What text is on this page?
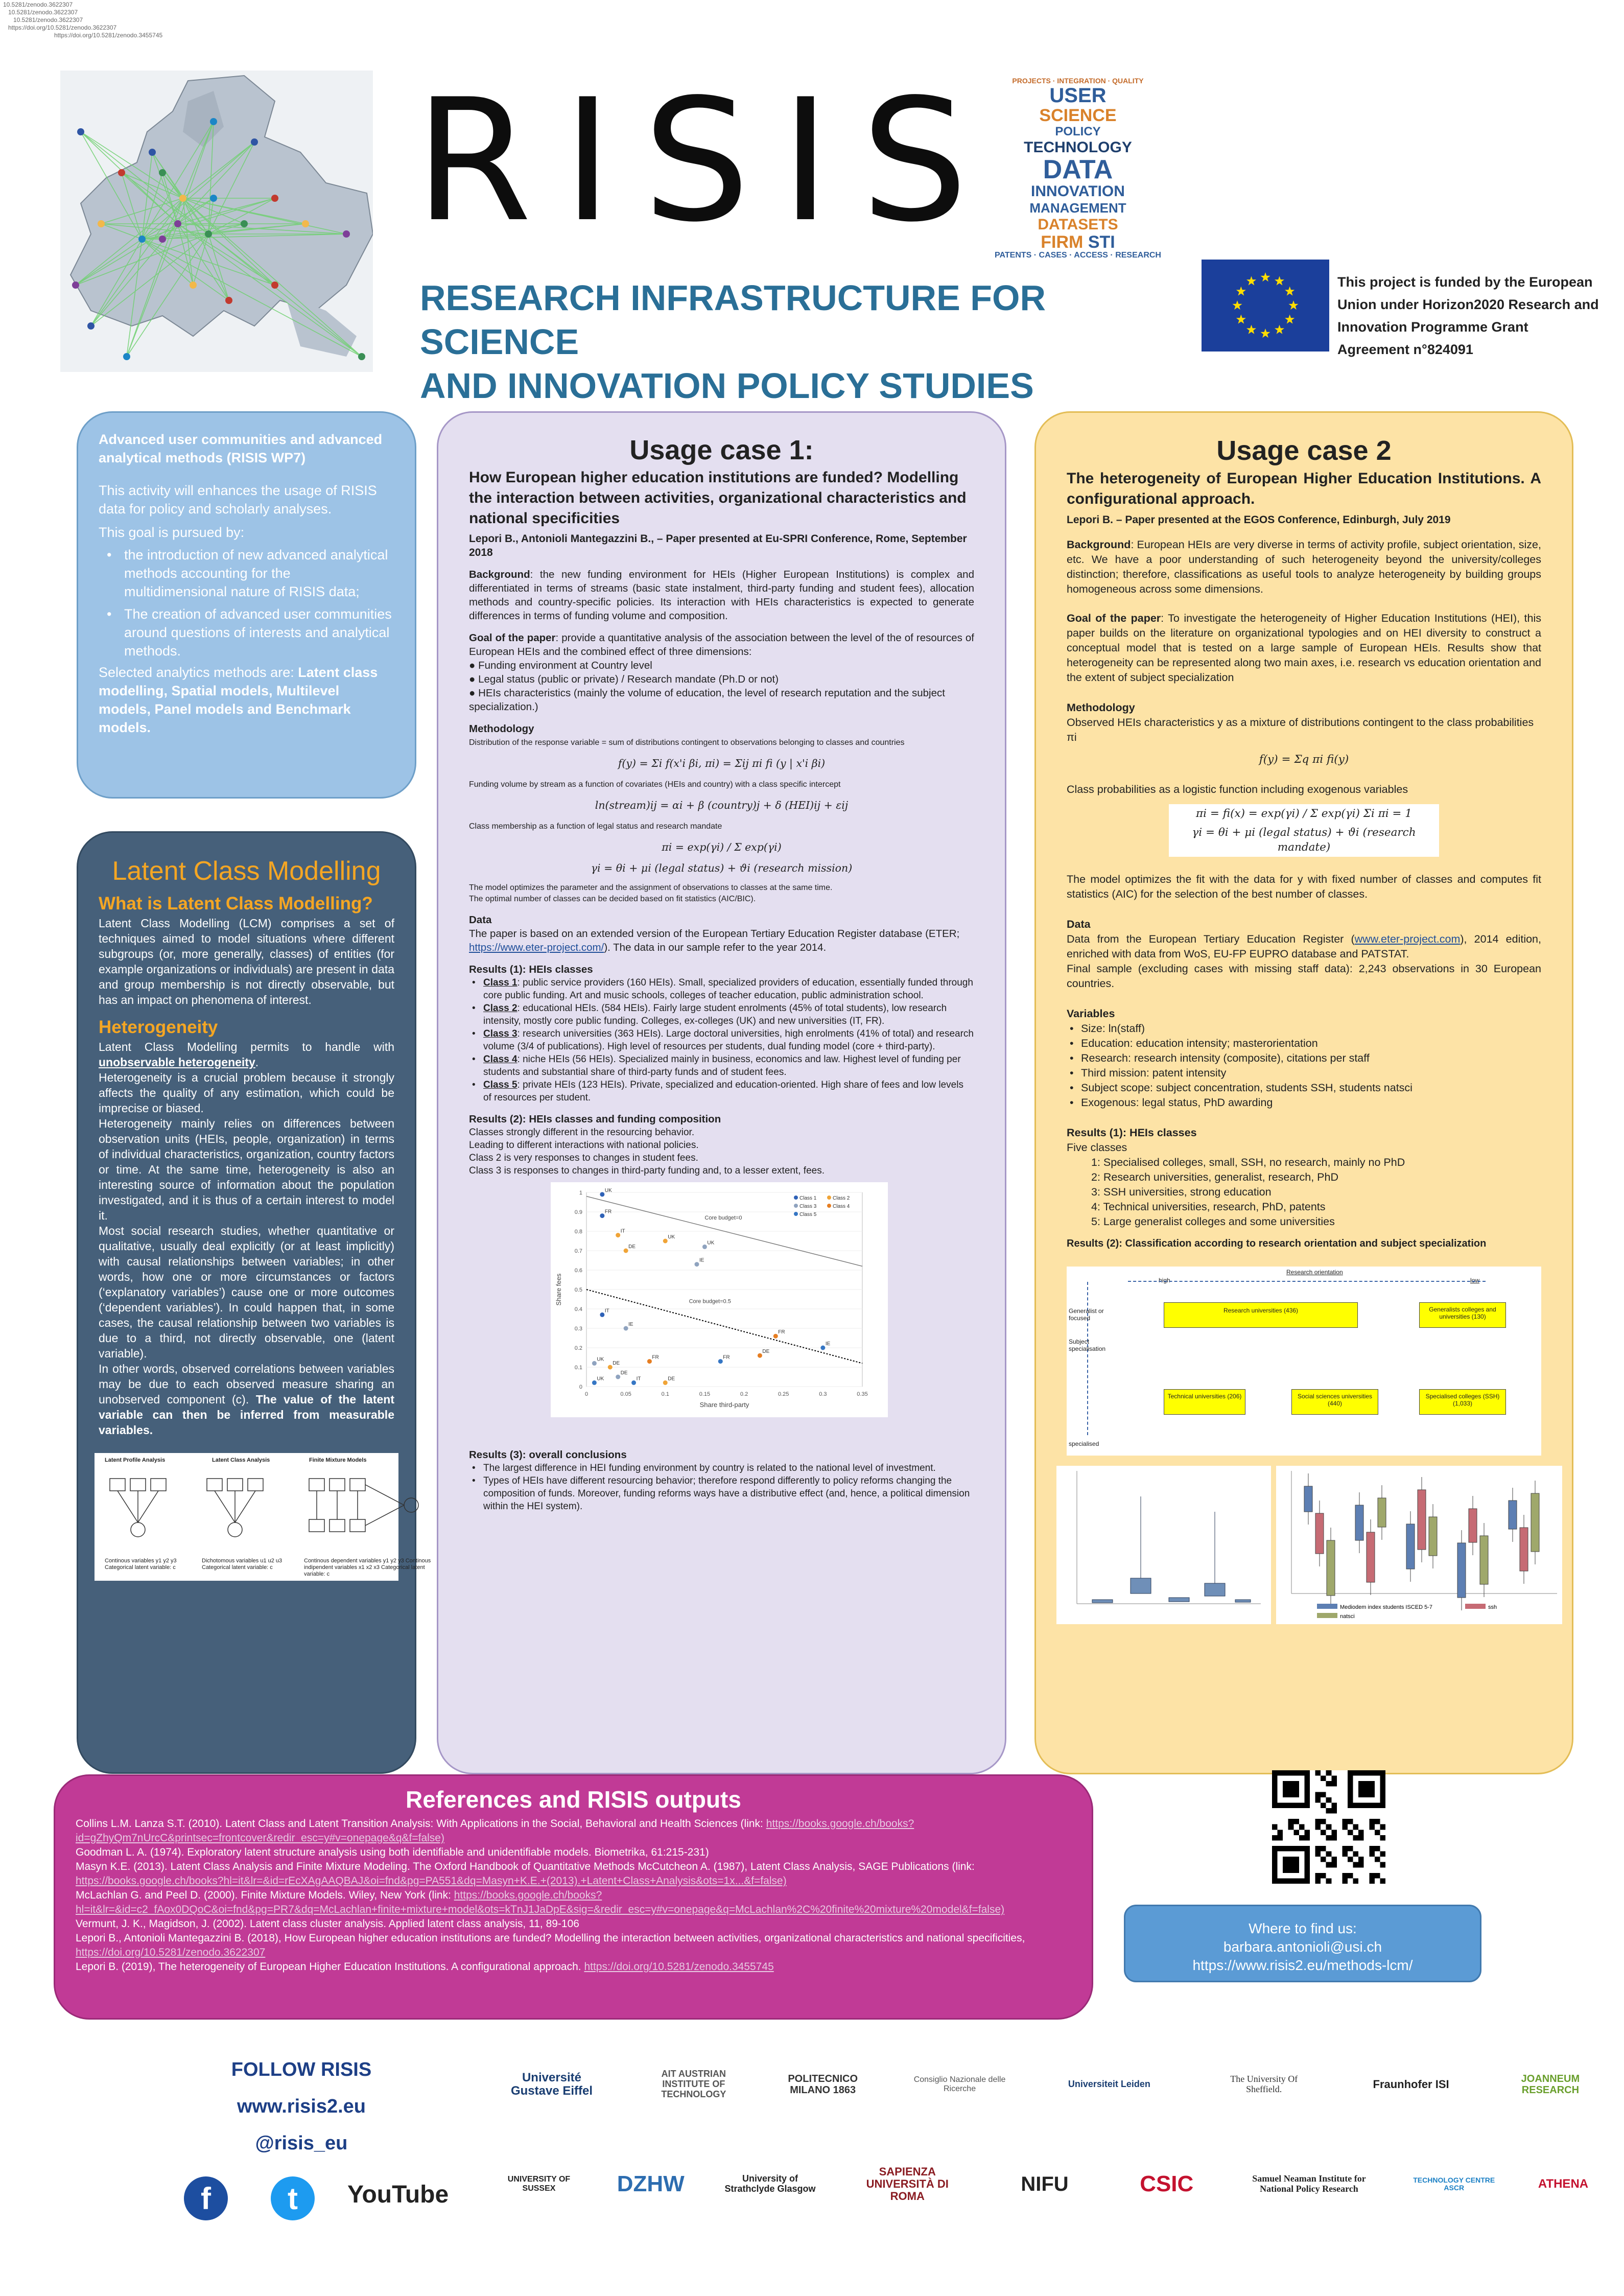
10.5281/zenodo.3622307
10.5281/zenodo.3622307
10.5281/zenodo.3622307
https://doi.org/10.5281/zenodo.3622307
https://doi.org/10.5281/zenodo.3455745
RISIS
RESEARCH INFRASTRUCTURE FOR SCIENCE
AND INNOVATION POLICY STUDIES
PROJECTS · INTEGRATION · QUALITY
USER
SCIENCE
POLICY
TECHNOLOGY
DATA
INNOVATION
MANAGEMENT
DATASETS
FIRM STI
PATENTS · CASES · ACCESS · RESEARCH
This project is funded by the European Union under Horizon2020 Research and Innovation Programme Grant Agreement n°824091
Advanced user communities and advanced analytical methods (RISIS WP7)
This activity will enhances the usage of RISIS data for policy and scholarly analyses.
This goal is pursued by:
• the introduction of new advanced analytical methods accounting for the multidimensional nature of RISIS data;
• The creation of advanced user communities around questions of interests and analytical methods.
Selected analytics methods are: Latent class modelling, Spatial models, Multilevel models, Panel models and Benchmark models.
Latent Class Modelling
What is Latent Class Modelling?
Latent Class Modelling (LCM) comprises a set of techniques aimed to model situations where different subgroups (or, more generally, classes) of entities (for example organizations or individuals) are present in data and group membership is not directly observable, but has an impact on phenomena of interest.
Heterogeneity
Latent Class Modelling permits to handle with unobservable heterogeneity.
Heterogeneity is a crucial problem because it strongly affects the quality of any estimation, which could be imprecise or biased.
Heterogeneity mainly relies on differences between observation units (HEIs, people, organization) in terms of individual characteristics, organization, country factors or time. At the same time, heterogeneity is also an interesting source of information about the population investigated, and it is thus of a certain interest to model it.
Most social research studies, whether quantitative or qualitative, usually deal explicitly (or at least implicitly) with causal relationships between variables; in other words, how one or more circumstances or factors (‘explanatory variables’) cause one or more outcomes (‘dependent variables’). In could happen that, in some cases, the causal relationship between two variables is due to a third, not directly observable, one (latent variable).
In other words, observed correlations between variables may be due to each observed measure sharing an unobserved component (c). The value of the latent variable can then be inferred from measurable variables.
Latent Profile Analysis	Latent Class Analysis	Finite Mixture Models
Continous variables y1 y2 y3 Categorical latent variable: c
Dichotomous variables u1 u2 u3 Categorical latent variable: c
Continous dependent variables y1 y2 y3 Continous indipendent variables x1 x2 x3 Categorical latent variable: c
Usage case 1:
How European higher education institutions are funded? Modelling the interaction between activities, organizational characteristics and national specificities
Lepori B., Antonioli Mantegazzini B., – Paper presented at Eu-SPRI Conference, Rome, September 2018
Background: the new funding environment for HEIs (Higher European Institutions) is complex and differentiated in terms of streams (basic state instalment, third-party funding and student fees), allocation methods and country-specific policies. Its interaction with HEIs characteristics is expected to generate differences in terms of funding volume and composition.
Goal of the paper: provide a quantitative analysis of the association between the level of the of resources of European HEIs and the combined effect of three dimensions:
● Funding environment at Country level
● Legal status (public or private) / Research mandate (Ph.D or not)
● HEIs characteristics (mainly the volume of education, the level of research reputation and the subject specialization.)
Methodology
Distribution of the response variable = sum of distributions contingent to observations belonging to classes and countries
f(y) = Σi f(x'i βi, πi) = Σij πi fi (y | x'i βi)
Funding volume by stream as a function of covariates (HEIs and country) with a class specific intercept
ln(stream)ij = αi + β (country)j + δ (HEI)ij + εij
Class membership as a function of legal status and research mandate
πi = exp(γi) / Σ exp(γi)
γi = θi + μi (legal status) + ϑi (research mission)
The model optimizes the parameter and the assignment of observations to classes at the same time.
The optimal number of classes can be decided based on fit statistics (AIC/BIC).
Data
The paper is based on an extended version of the European Tertiary Education Register database (ETER; https://www.eter-project.com/). The data in our sample refer to the year 2014.
Results (1): HEIs classes
• Class 1: public service providers (160 HEIs). Small, specialized providers of education, essentially funded through core public funding. Art and music schools, colleges of teacher education, public administration school.
• Class 2: educational HEIs. (584 HEIs). Fairly large student enrolments (45% of total students), low research intensity, mostly core public funding. Colleges, ex-colleges (UK) and new universities (IT, FR).
• Class 3: research universities (363 HEIs). Large doctoral universities, high enrolments (41% of total) and research volume (3/4 of publications). High level of resources per students, dual funding model (core + third-party).
• Class 4: niche HEIs (56 HEIs). Specialized mainly in business, economics and law. Highest level of funding per students and substantial share of third-party funds and of student fees.
• Class 5: private HEIs (123 HEIs). Private, specialized and education-oriented. High share of fees and low levels of resources per student.
Results (2): HEIs classes and funding composition
Classes strongly different in the resourcing behavior.
Leading to different interactions with national policies.
Class 2 is very responses to changes in student fees.
Class 3 is responses to changes in third-party funding and, to a lesser extent, fees.
0
0.1
0.2
0.3
0.4
0.5
0.6
0.7
0.8
0.9
1
0	0.05	0.1	0.15	0.2	0.25	0.3	0.35
Share third-party
Share fees
Core budget=0
Core budget=0.5
UK
FR
IT
DE
UK
UK
IE
IT
IE
FR
IE
UK
DE
FR
DE
FR
DE
UK	IT	DE
Class 1	Class 2
Class 3	Class 4
Class 5
Results (3): overall conclusions
• The largest difference in HEI funding environment by country is related to the national level of investment.
• Types of HEIs have different resourcing behavior; therefore respond differently to policy reforms changing the composition of funds. Moreover, funding reforms ways have a distributive effect (and, hence, a political dimension within the HEI system).
Usage case 2
The heterogeneity of European Higher Education Institutions. A configurational approach.
Lepori B. – Paper presented at the EGOS Conference, Edinburgh, July 2019
Background: European HEIs are very diverse in terms of activity profile, subject orientation, size, etc. We have a poor understanding of such heterogeneity beyond the university/colleges distinction; therefore, classifications as useful tools to analyze heterogeneity by building groups homogeneous across some dimensions.
Goal of the paper: To investigate the heterogeneity of Higher Education Institutions (HEI), this paper builds on the literature on organizational typologies and on HEI diversity to construct a conceptual model that is tested on a large sample of European HEIs. Results show that heterogeneity can be represented along two main axes, i.e. research vs education orientation and the extent of subject specialization
Methodology
Observed HEIs characteristics y as a mixture of distributions contingent to the class probabilities πi
f(y) = Σq πi fi(y)
Class probabilities as a logistic function including exogenous variables
πi = fi(x) = exp(γi) / Σ exp(γi) Σi πi = 1
γi = θi + μi (legal status) + ϑi (research mandate)
The model optimizes the fit with the data for y with fixed number of classes and computes fit statistics (AIC) for the selection of the best number of classes.
Data
Data from the European Tertiary Education Register (www.eter-project.com), 2014 edition, enriched with data from WoS, EU-FP EUPRO database and PATSTAT.
Final sample (excluding cases with missing staff data): 2,243 observations in 30 European countries.
Variables
• Size: ln(staff)
• Education: education intensity; masterorientation
• Research: research intensity (composite), citations per staff
• Third mission: patent intensity
• Subject scope: subject concentration, students SSH, students natsci
• Exogenous: legal status, PhD awarding
Results (1): HEIs classes
Five classes
1: Specialised colleges, small, SSH, no research, mainly no PhD
2: Research universities, generalist, research, PhD
3: SSH universities, strong education
4: Technical universities, research, PhD, patents
5: Large generalist colleges and some universities
Results (2): Classification according to research orientation and subject specialization
Research orientation
high	low
Generalist or focused
Subject specialisation
specialised
Research universities (436)	Generalists colleges and universities (130)
Technical universities (206)	Social sciences universities (440)
Specialised colleges (SSH) (1,033)
Mediodem index students ISCED 5-7
natsci
ssh
References and RISIS outputs
Collins L.M. Lanza S.T. (2010). Latent Class and Latent Transition Analysis: With Applications in the Social, Behavioral and Health Sciences (link: https://books.google.ch/books?id=gZhyQm7nUrcC&printsec=frontcover&redir_esc=y#v=onepage&q&f=false)
Goodman L. A. (1974). Exploratory latent structure analysis using both identifiable and unidentifiable models. Biometrika, 61:215-231)
Masyn K.E. (2013). Latent Class Analysis and Finite Mixture Modeling. The Oxford Handbook of Quantitative Methods McCutcheon A. (1987), Latent Class Analysis, SAGE Publications (link: https://books.google.ch/books?hl=it&lr=&id=rEcXAgAAQBAJ&oi=fnd&pg=PA551&dq=Masyn+K.E.+(2013).+Latent+Class+Analysis&ots=1x...&f=false)
McLachlan G. and Peel D. (2000). Finite Mixture Models. Wiley, New York (link: https://books.google.ch/books?hl=it&lr=&id=c2_fAox0DQoC&oi=fnd&pg=PR7&dq=McLachlan+finite+mixture+model&ots=kTnJ1JaDpE&sig=&redir_esc=y#v=onepage&q=McLachlan%2C%20finite%20mixture%20model&f=false)
Vermunt, J. K., Magidson, J. (2002). Latent class cluster analysis. Applied latent class analysis, 11, 89-106
Lepori B., Antonioli Mantegazzini B. (2018), How European higher education institutions are funded? Modelling the interaction between activities, organizational characteristics and national specificities, https://doi.org/10.5281/zenodo.3622307
Lepori B. (2019), The heterogeneity of European Higher Education Institutions. A configurational approach. https://doi.org/10.5281/zenodo.3455745
Where to find us:
barbara.antonioli@usi.ch
https://www.risis2.eu/methods-lcm/
FOLLOW RISIS
www.risis2.eu
@risis_eu
f	t YouTube
Université Gustave Eiffel
AIT AUSTRIAN INSTITUTE OF TECHNOLOGY
POLITECNICO MILANO 1863
Consiglio Nazionale delle Ricerche	Universiteit Leiden	The University Of Sheffield.	Fraunhofer ISI	JOANNEUM RESEARCH
UNIVERSITY OF SUSSEX	DZHW	University of Strathclyde Glasgow
SAPIENZA UNIVERSITÀ DI ROMA
NIFU	CSIC	Samuel Neaman Institute for National Policy Research
TECHNOLOGY CENTRE ASCR	ATHENA
